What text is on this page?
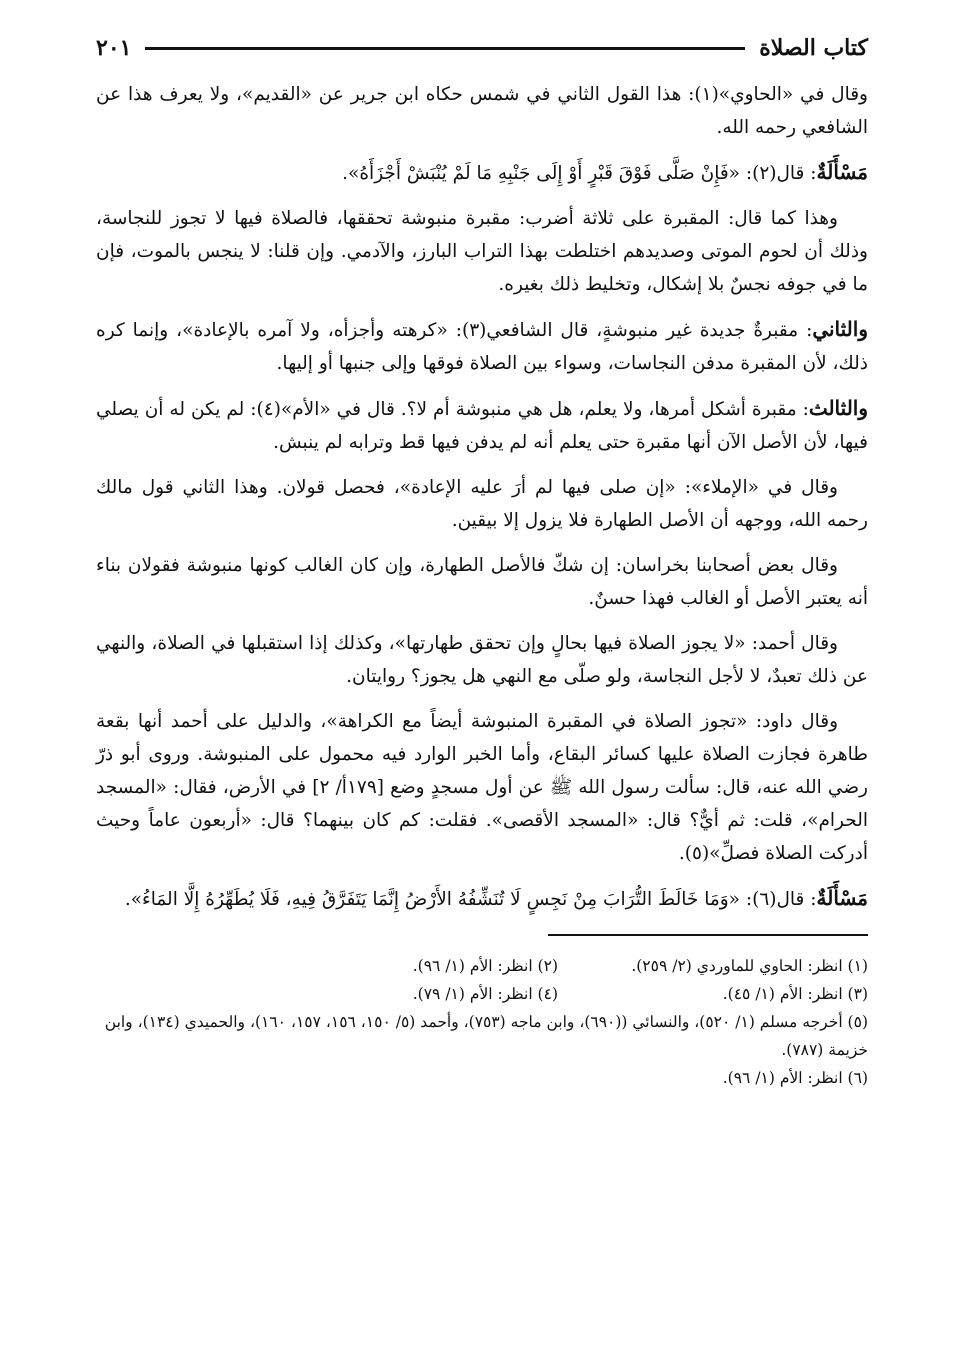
كتاب الصلاة
٢٠١

وقال في «الحاوي»(١): هذا القول الثاني في شمس حكاه ابن جرير عن «القديم»، ولا يعرف هذا عن الشافعي رحمه الله.

مَسْأَلَةٌ: قال(٢): «فَإِنْ صَلَّى فَوْقَ قَبْرٍ أَوْ إِلَى جَنْبِهِ مَا لَمْ يُنْبَشْ أَجْزَأَهُ».

وهذا كما قال: المقبرة على ثلاثة أضرب: مقبرة منبوشة تحققها، فالصلاة فيها لا تجوز للنجاسة، وذلك أن لحوم الموتى وصديدهم اختلطت بهذا التراب البارز، والآدمي. وإن قلنا: لا ينجس بالموت، فإن ما في جوفه نجسٌ بلا إشكال، وتخليط ذلك بغيره.

والثاني: مقبرةٌ جديدة غير منبوشةٍ، قال الشافعي(٣): «كرهته وأجزأه، ولا آمره بالإعادة»، وإنما كره ذلك، لأن المقبرة مدفن النجاسات، وسواء بين الصلاة فوقها وإلى جنبها أو إليها.

والثالث: مقبرة أشكل أمرها، ولا يعلم، هل هي منبوشة أم لا؟. قال في «الأم»(٤): لم يكن له أن يصلي فيها، لأن الأصل الآن أنها مقبرة حتى يعلم أنه لم يدفن فيها قط وترابه لم ينبش.

وقال في «الإملاء»: «إن صلى فيها لم أرَ عليه الإعادة»، فحصل قولان. وهذا الثاني قول مالك رحمه الله، ووجهه أن الأصل الطهارة فلا يزول إلا بيقين.

وقال بعض أصحابنا بخراسان: إن شكّ فالأصل الطهارة، وإن كان الغالب كونها منبوشة فقولان بناء أنه يعتبر الأصل أو الغالب فهذا حسنٌ.

وقال أحمد: «لا يجوز الصلاة فيها بحالٍ وإن تحقق طهارتها»، وكذلك إذا استقبلها في الصلاة، والنهي عن ذلك تعبدٌ، لا لأجل النجاسة، ولو صلّى مع النهي هل يجوز؟ روايتان.

وقال داود: «تجوز الصلاة في المقبرة المنبوشة أيضاً مع الكراهة»، والدليل على أحمد أنها بقعة طاهرة فجازت الصلاة عليها كسائر البقاع، وأما الخبر الوارد فيه محمول على المنبوشة. وروى أبو ذرّ رضي الله عنه، قال: سألت رسول الله ﷺ عن أول مسجدٍ وضع [١٧٩أ/ ٢] في الأرض، فقال: «المسجد الحرام»، قلت: ثم أيٌّ؟ قال: «المسجد الأقصى». فقلت: كم كان بينهما؟ قال: «أربعون عاماً وحيث أدركت الصلاة فصلِّ»(٥).

مَسْأَلَةٌ: قال(٦): «وَمَا خَالَطَ التُّرَابَ مِنْ نَجِسٍ لَا تُنَشِّفُهُ الأَرْضُ إِنَّمَا يَتَفَرَّقُ فِيهِ، فَلَا يُطَهِّرُهُ إِلَّا المَاءُ».

(١) انظر: الحاوي للماوردي (٢/ ٢٥٩).
(٢) انظر: الأم (١/ ٩٦).
(٣) انظر: الأم (١/ ٤٥).
(٤) انظر: الأم (١/ ٧٩).

(٥) أخرجه مسلم (١/ ٥٢٠)، والنسائي ((٦٩٠)، وابن ماجه (٧٥٣)، وأحمد (٥/ ١٥٠، ١٥٦، ١٥٧، ١٦٠)، والحميدي (١٣٤)، وابن خزيمة (٧٨٧).

(٦) انظر: الأم (١/ ٩٦).
